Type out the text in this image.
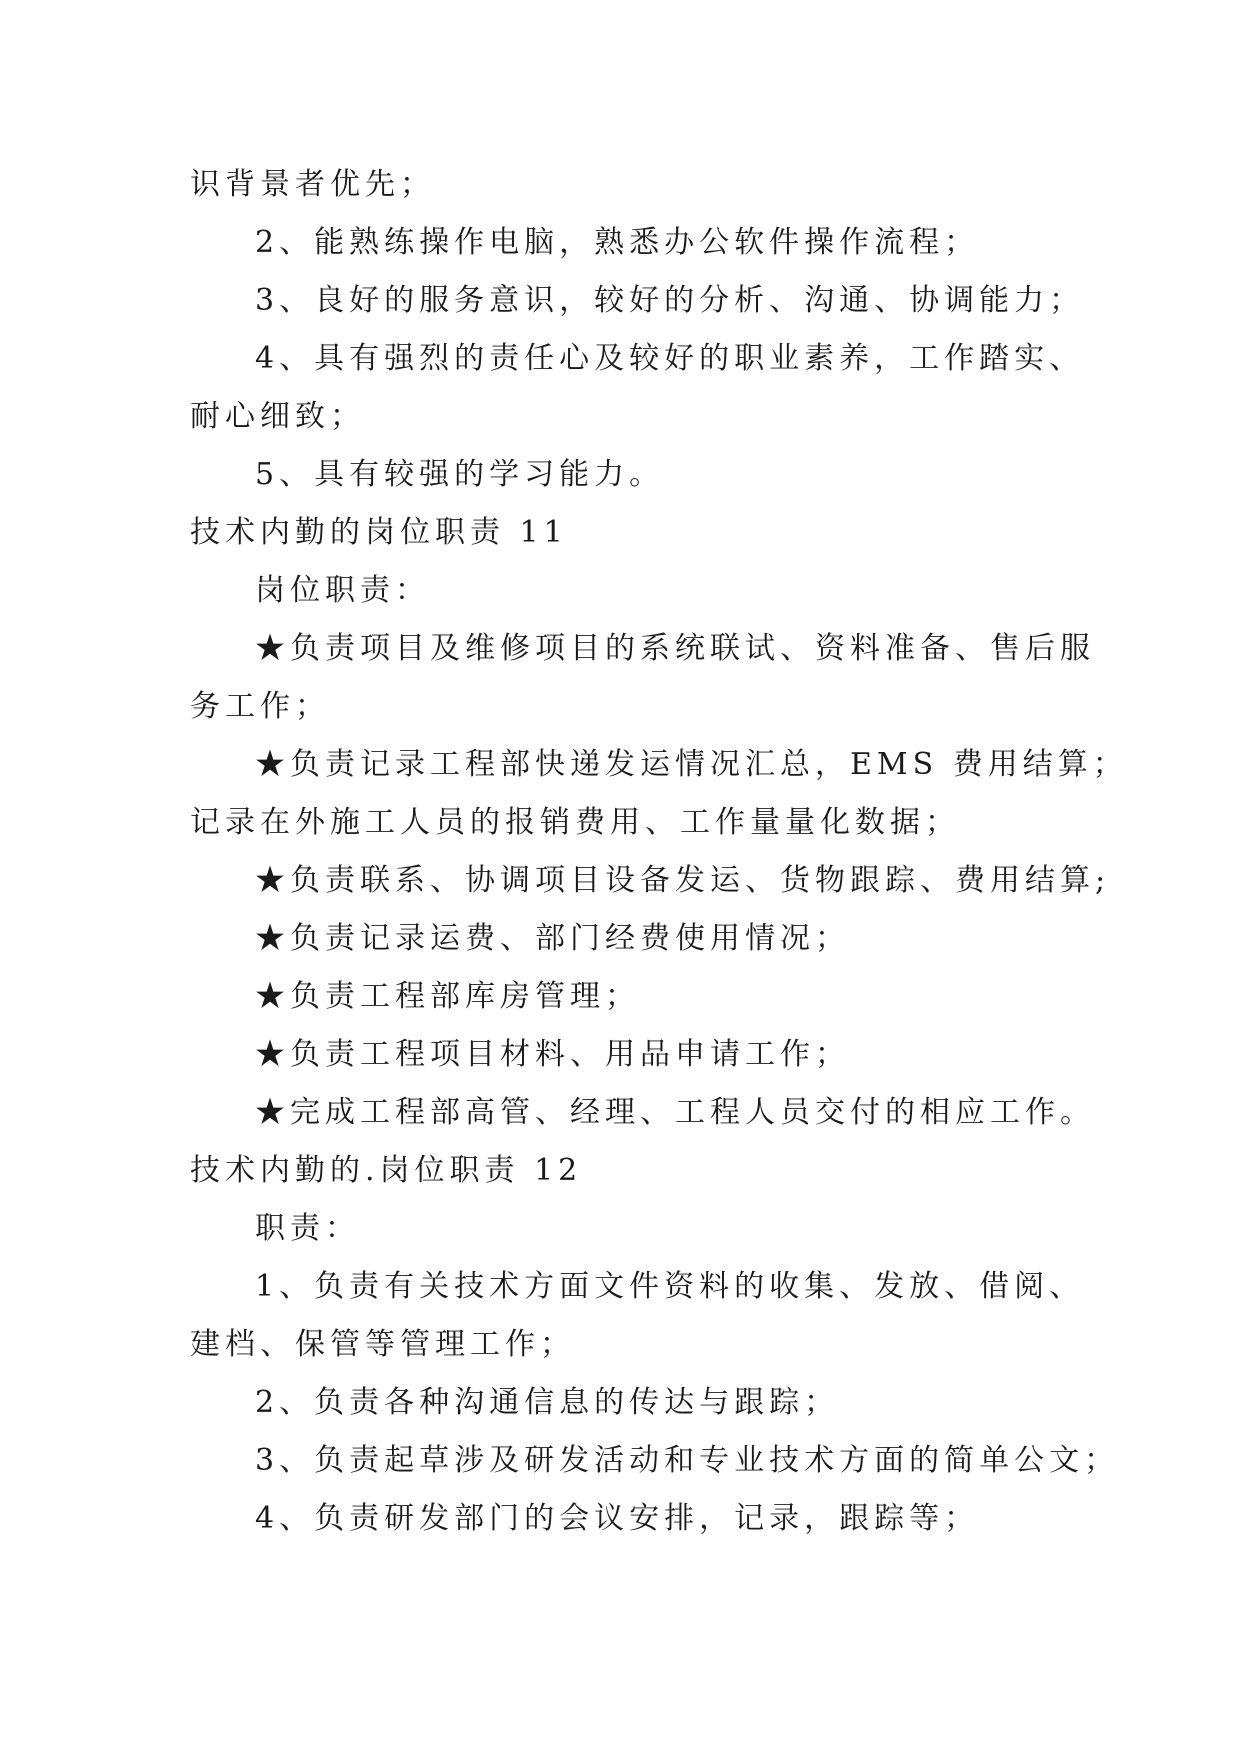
识背景者优先；
2、能熟练操作电脑，熟悉办公软件操作流程；
3、良好的服务意识，较好的分析、沟通、协调能力；
4、具有强烈的责任心及较好的职业素养，工作踏实、
耐心细致；
5、具有较强的学习能力。
技术内勤的岗位职责 11
岗位职责：
★负责项目及维修项目的系统联试、资料准备、售后服
务工作；
★负责记录工程部快递发运情况汇总，EMS 费用结算；
记录在外施工人员的报销费用、工作量量化数据；
★负责联系、协调项目设备发运、货物跟踪、费用结算;
★负责记录运费、部门经费使用情况；
★负责工程部库房管理；
★负责工程项目材料、用品申请工作；
★完成工程部高管、经理、工程人员交付的相应工作。
技术内勤的.岗位职责 12
职责：
1、负责有关技术方面文件资料的收集、发放、借阅、
建档、保管等管理工作；
2、负责各种沟通信息的传达与跟踪；
3、负责起草涉及研发活动和专业技术方面的简单公文；
4、负责研发部门的会议安排，记录，跟踪等；
